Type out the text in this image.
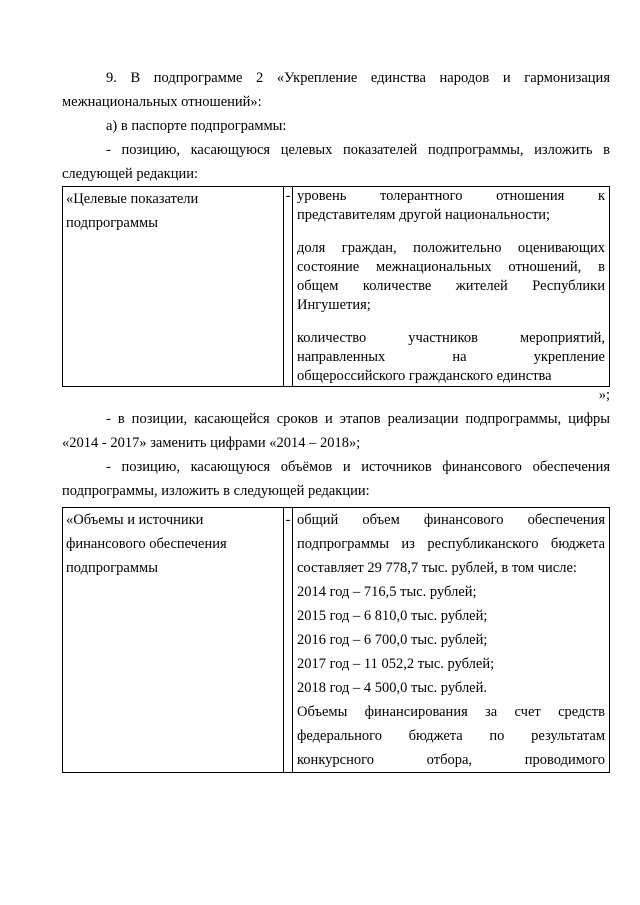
9. В подпрограмме 2 «Укрепление единства народов и гармонизация

межнациональных отношений»:

а) в паспорте подпрограммы:

- позицию, касающуюся целевых показателей подпрограммы, изложить в

следующей редакции:

«Целевые показатели подпрограммы	-	уровень толерантного отношения к
представителям другой национальности;

доля граждан, положительно оценивающих
состояние межнациональных отношений, в
общем количестве жителей Республики
Ингушетия;

количество участников мероприятий,
направленных на укрепление
общероссийского гражданского единства

»;

- в позиции, касающейся сроков и этапов реализации подпрограммы, цифры

«2014 - 2017» заменить цифрами «2014 – 2018»;

- позицию, касающуюся объёмов и источников финансового обеспечения

подпрограммы, изложить в следующей редакции:

«Объемы и источники
финансового обеспечения
подпрограммы
	-	общий объем финансового обеспечения
подпрограммы из республиканского бюджета
составляет 29 778,7 тыс. рублей, в том числе:
2014 год – 716,5 тыс. рублей;
2015 год – 6 810,0 тыс. рублей;
2016 год – 6 700,0 тыс. рублей;
2017 год – 11 052,2 тыс. рублей;
2018 год – 4 500,0 тыс. рублей.
Объемы финансирования за счет средств
федерального бюджета по результатам
конкурсного отбора, проводимого
